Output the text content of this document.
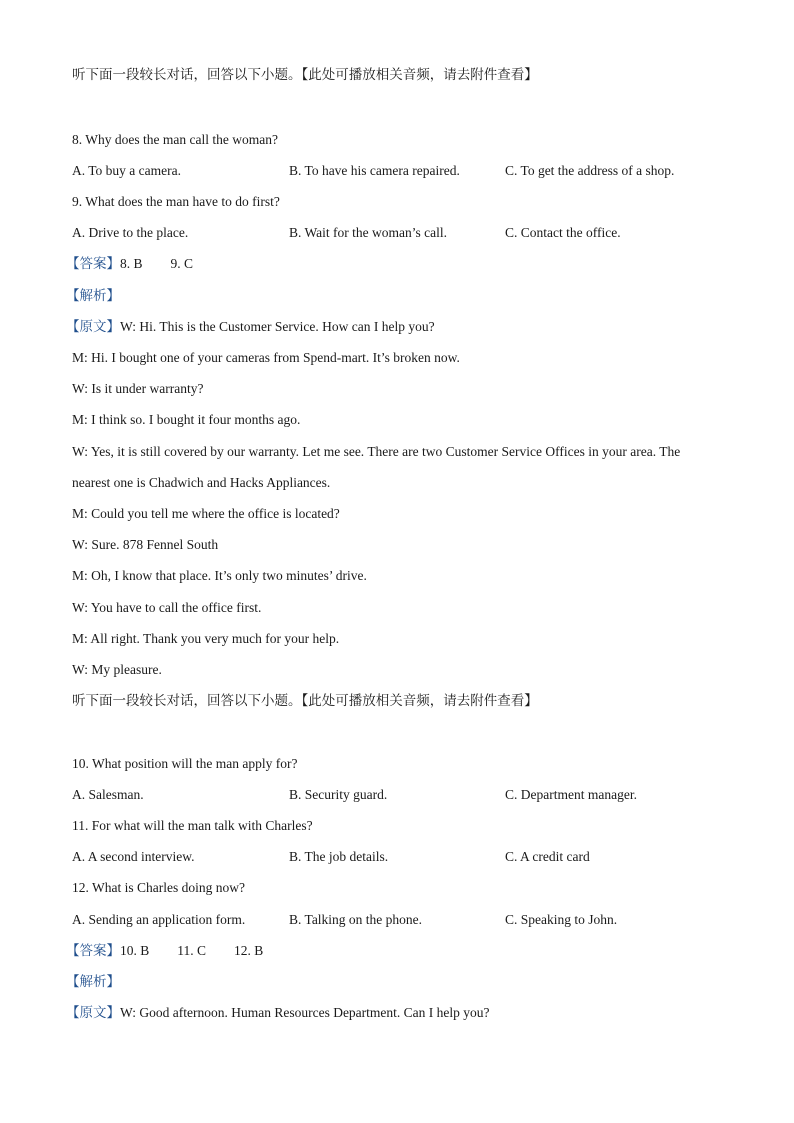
听下面一段较长对话，回答以下小题。【此处可播放相关音频，请去附件查看】
8. Why does the man call the woman?
A. To buy a camera.	B. To have his camera repaired.	C. To get the address of a shop.
9. What does the man have to do first?
A. Drive to the place.	B. Wait for the woman’s call.	C. Contact the office.
【答案】8. B 9. C
【解析】
【原文】W: Hi. This is the Customer Service. How can I help you?
M: Hi. I bought one of your cameras from Spend-mart. It’s broken now.
W: Is it under warranty?
M: I think so. I bought it four months ago.
W: Yes, it is still covered by our warranty. Let me see. There are two Customer Service Offices in your area. The
nearest one is Chadwich and Hacks Appliances.
M: Could you tell me where the office is located?
W: Sure. 878 Fennel South
M: Oh, I know that place. It’s only two minutes’ drive.
W: You have to call the office first.
M: All right. Thank you very much for your help.
W: My pleasure.
听下面一段较长对话，回答以下小题。【此处可播放相关音频，请去附件查看】
10. What position will the man apply for?
A. Salesman.	B. Security guard.	C. Department manager.
11. For what will the man talk with Charles?
A. A second interview.	B. The job details.	C. A credit card
12. What is Charles doing now?
A. Sending an application form.	B. Talking on the phone.	C. Speaking to John.
【答案】10. B 11. C 12. B
【解析】
【原文】W: Good afternoon. Human Resources Department. Can I help you?
